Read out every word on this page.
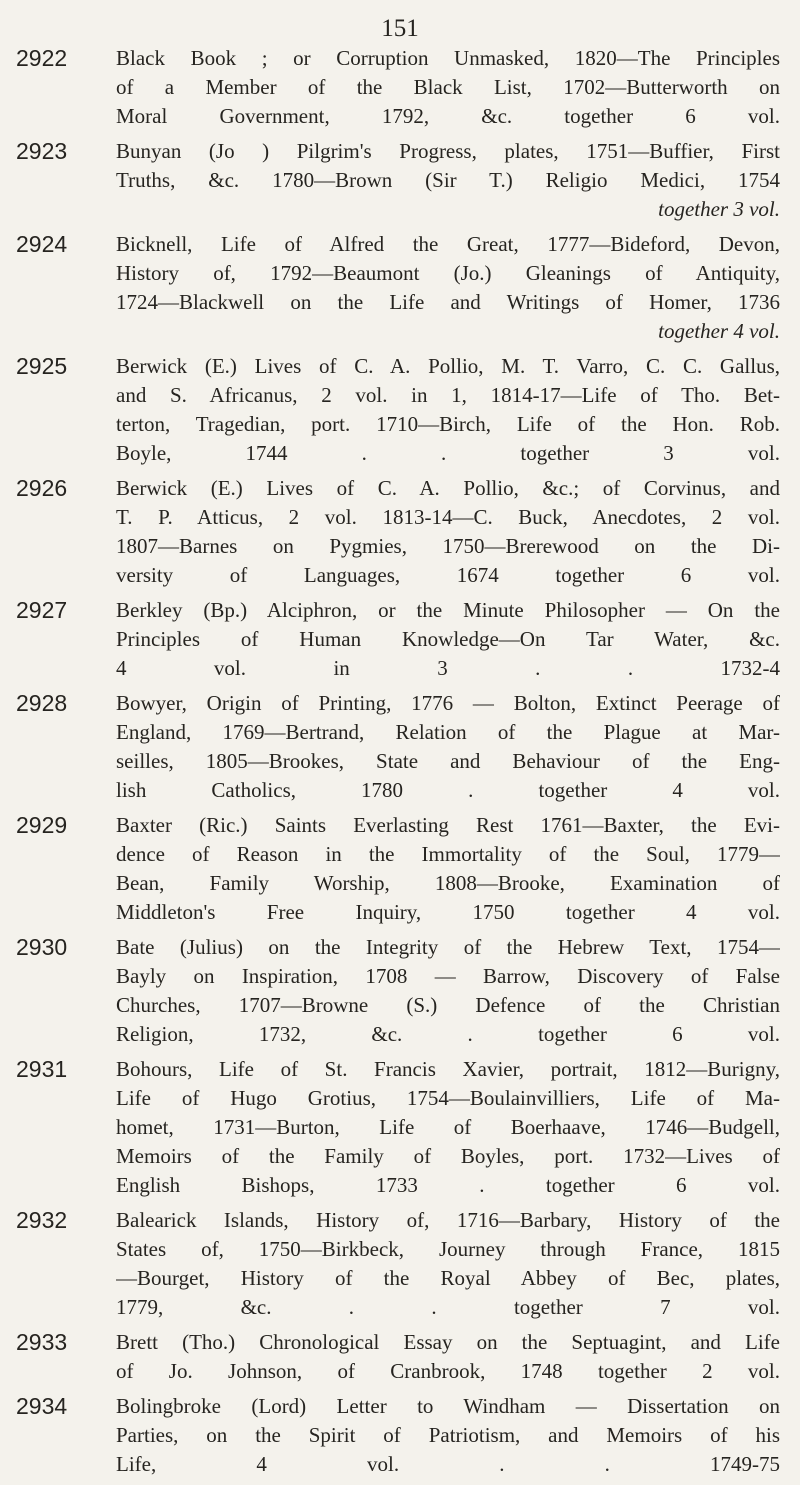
151
2922	Black Book ; or Corruption Unmasked, 1820—The Principles
of a Member of the Black List, 1702—Butterworth on
Moral Government, 1792, &c. together 6 vol.
2923	Bunyan (Jo ) Pilgrim's Progress, plates, 1751—Buffier, First
Truths, &c. 1780—Brown (Sir T.) Religio Medici, 1754
together 3 vol.
2924	Bicknell, Life of Alfred the Great, 1777—Bideford, Devon,
History of, 1792—Beaumont (Jo.) Gleanings of Antiquity,
1724—Blackwell on the Life and Writings of Homer, 1736
together 4 vol.
2925	Berwick (E.) Lives of C. A. Pollio, M. T. Varro, C. C. Gallus,
and S. Africanus, 2 vol. in 1, 1814-17—Life of Tho. Bet-
terton, Tragedian, port. 1710—Birch, Life of the Hon. Rob.
Boyle, 1744 . . together 3 vol.
2926	Berwick (E.) Lives of C. A. Pollio, &c.; of Corvinus, and
T. P. Atticus, 2 vol. 1813-14—C. Buck, Anecdotes, 2 vol.
1807—Barnes on Pygmies, 1750—Brerewood on the Di-
versity of Languages, 1674 together 6 vol.
2927	Berkley (Bp.) Alciphron, or the Minute Philosopher — On the
Principles of Human Knowledge—On Tar Water, &c.
4 vol. in 3 . . 1732-4
2928	Bowyer, Origin of Printing, 1776 — Bolton, Extinct Peerage of
England, 1769—Bertrand, Relation of the Plague at Mar-
seilles, 1805—Brookes, State and Behaviour of the Eng-
lish Catholics, 1780 . together 4 vol.
2929	Baxter (Ric.) Saints Everlasting Rest 1761—Baxter, the Evi-
dence of Reason in the Immortality of the Soul, 1779—
Bean, Family Worship, 1808—Brooke, Examination of
Middleton's Free Inquiry, 1750 together 4 vol.
2930	Bate (Julius) on the Integrity of the Hebrew Text, 1754—
Bayly on Inspiration, 1708 — Barrow, Discovery of False
Churches, 1707—Browne (S.) Defence of the Christian
Religion, 1732, &c. . together 6 vol.
2931	Bohours, Life of St. Francis Xavier, portrait, 1812—Burigny,
Life of Hugo Grotius, 1754—Boulainvilliers, Life of Ma-
homet, 1731—Burton, Life of Boerhaave, 1746—Budgell,
Memoirs of the Family of Boyles, port. 1732—Lives of
English Bishops, 1733 . together 6 vol.
2932	Balearick Islands, History of, 1716—Barbary, History of the
States of, 1750—Birkbeck, Journey through France, 1815
—Bourget, History of the Royal Abbey of Bec, plates,
1779, &c. . . together 7 vol.
2933	Brett (Tho.) Chronological Essay on the Septuagint, and Life
of Jo. Johnson, of Cranbrook, 1748 together 2 vol.
2934	Bolingbroke (Lord) Letter to Windham — Dissertation on
Parties, on the Spirit of Patriotism, and Memoirs of his
Life, 4 vol. . . 1749-75
